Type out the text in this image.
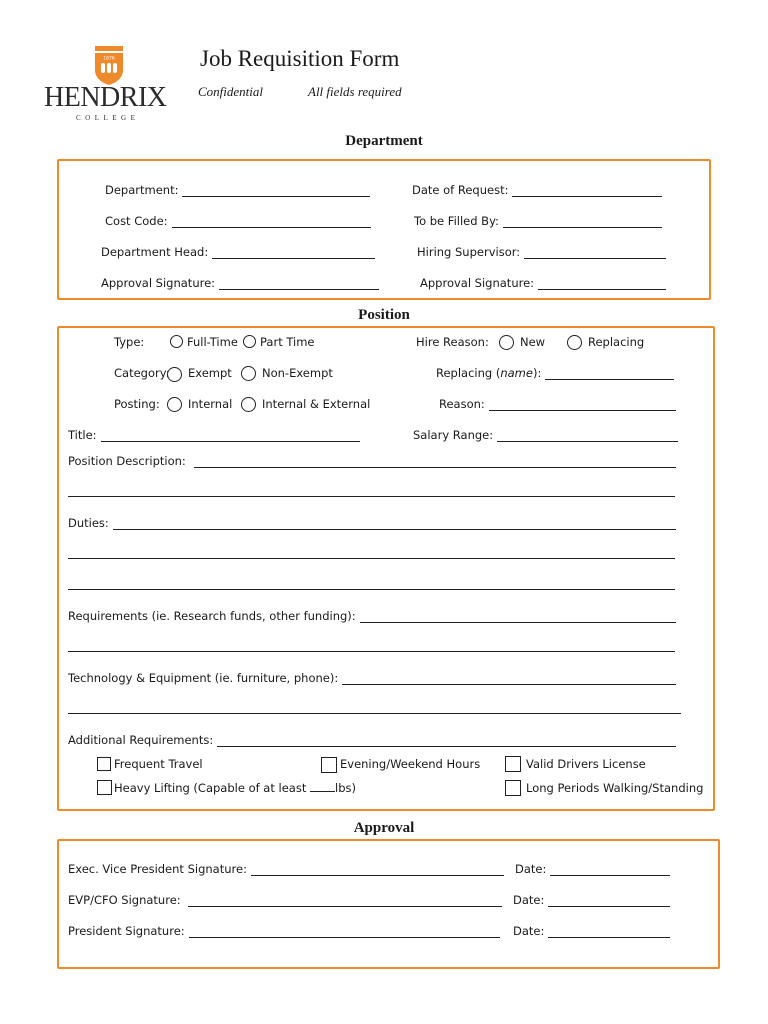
1876
HENDRIX
COLLEGE
Job Requisition Form
Confidential	All fields required
Department
Department:	Date of Request:
Cost Code:	To be Filled By:
Department Head:	Hiring Supervisor:
Approval Signature:	Approval Signature:
Position
Type:	Full-Time Part Time	Hire Reason:	New	Replacing
Category: Exempt	Non-Exempt	Replacing (name):
Posting: Internal	Internal & External	Reason:
Title:	Salary Range:
Position Description:
Duties:
Requirements (ie. Research funds, other funding):
Technology & Equipment (ie. furniture, phone):
Additional Requirements:
Frequent Travel	Evening/Weekend Hours	Valid Drivers License
Heavy Lifting (Capable of at least lbs)	Long Periods Walking/Standing
Approval
Exec. Vice President Signature:	Date:
EVP/CFO Signature:	Date:
President Signature:	Date:
